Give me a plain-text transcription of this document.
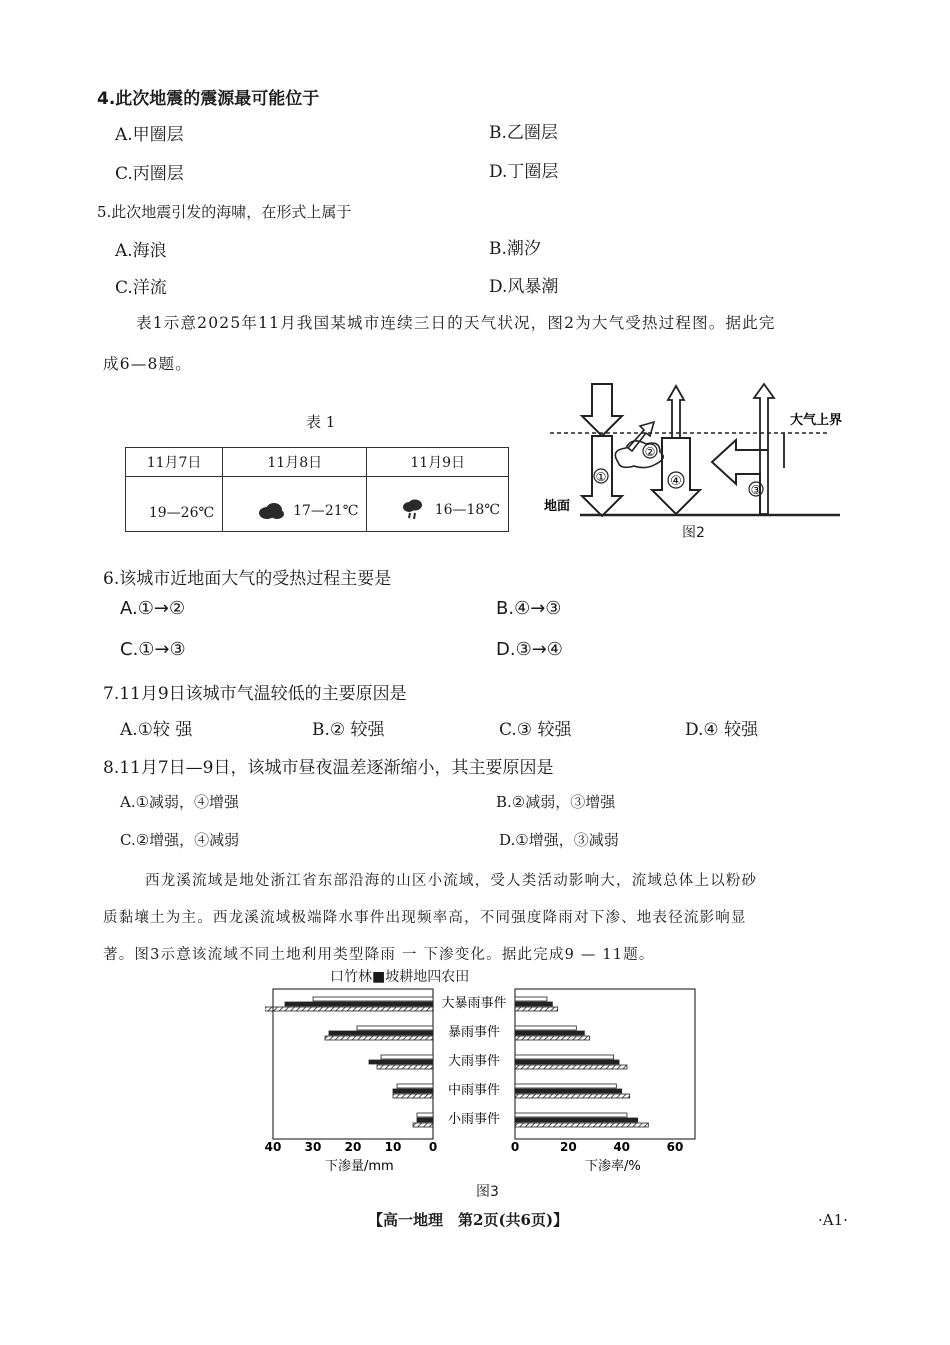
4.此次地震的震源最可能位于
A.甲圈层	B.乙圈层
C.丙圈层	D.丁圈层
5.此次地震引发的海啸，在形式上属于
A.海浪	B.潮汐
C.洋流	D.风暴潮
表1示意2025年11月我国某城市连续三日的天气状况，图2为大气受热过程图。据此完
成6—8题。
表 1
11月7日	11月8日	11月9日
19—26℃	17—21℃	16—18℃
①
②
③
④
大气上界
地面
图2
6.该城市近地面大气的受热过程主要是
A.①→②	B.④→③
C.①→③	D.③→④
7.11月9日该城市气温较低的主要原因是
A.①较 强	B.② 较强	C.③ 较强	D.④ 较强
8.11月7日—9日，该城市昼夜温差逐渐缩小，其主要原因是
A.①减弱，④增强	B.②减弱，③增强
C.②增强，④减弱	D.①增强，③减弱
西龙溪流域是地处浙江省东部沿海的山区小流域，受人类活动影响大，流域总体上以粉砂
质黏壤土为主。西龙溪流域极端降水事件出现频率高，不同强度降雨对下渗、地表径流影响显
著。图3示意该流域不同土地利用类型降雨 一 下渗变化。据此完成9 — 11题。
口竹林■坡耕地四农田
大暴雨事件
暴雨事件
大雨事件
中雨事件
小雨事件
40 30 20 10 0	0	20	40	60
下渗量/mm	下渗率/%
图3
【高一地理　第2页(共6页)】	·A1·
